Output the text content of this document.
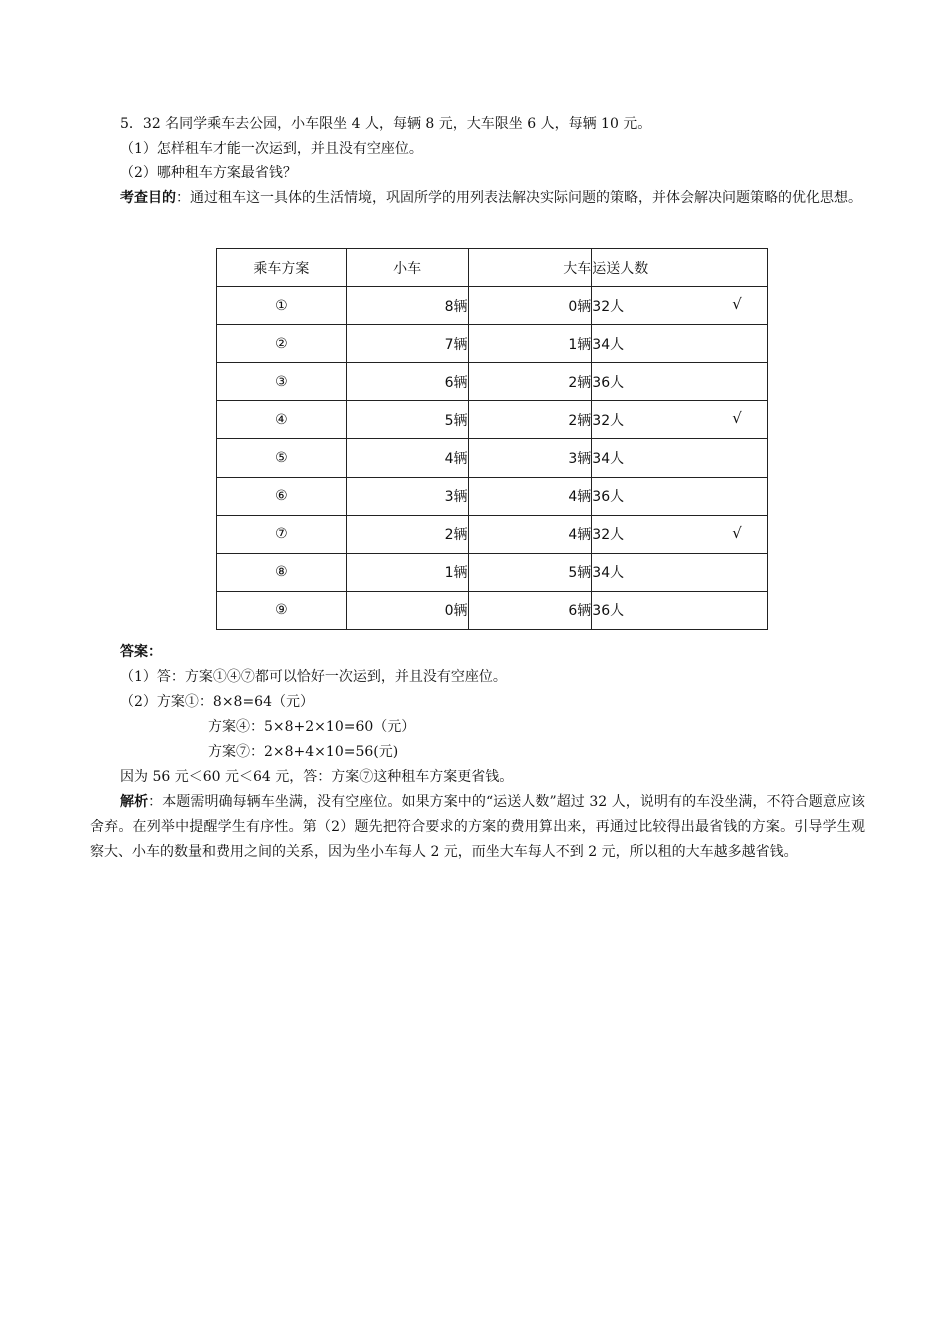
5．32 名同学乘车去公园，小车限坐 4 人，每辆 8 元，大车限坐 6 人，每辆 10 元。
（1）怎样租车才能一次运到，并且没有空座位。
（2）哪种租车方案最省钱？
考查目的：通过租车这一具体的生活情境，巩固所学的用列表法解决实际问题的策略，并体会解决问题策略的优化思想。
乘车方案	小车	大车	运送人数
①	8辆	0辆	32人 √

②	7辆	1辆	34人
③	6辆	2辆	36人
④	5辆	2辆	32人 √

⑤	4辆	3辆	34人
⑥	3辆	4辆	36人
⑦	2辆	4辆	32人 √

⑧	1辆	5辆	34人
⑨	0辆	6辆	36人
答案：
（1）答：方案①④⑦都可以恰好一次运到，并且没有空座位。
（2）方案①：8×8=64（元）
方案④：5×8+2×10=60（元）
方案⑦：2×8+4×10=56(元)
因为 56 元＜60 元＜64 元，答：方案⑦这种租车方案更省钱。
解析：本题需明确每辆车坐满，没有空座位。如果方案中的“运送人数”超过 32 人，说明有的车没坐满，不符合题意应该舍弃。在列举中提醒学生有序性。第（2）题先把符合要求的方案的费用算出来，再通过比较得出最省钱的方案。引导学生观察大、小车的数量和费用之间的关系，因为坐小车每人 2 元，而坐大车每人不到 2 元，所以租的大车越多越省钱。
